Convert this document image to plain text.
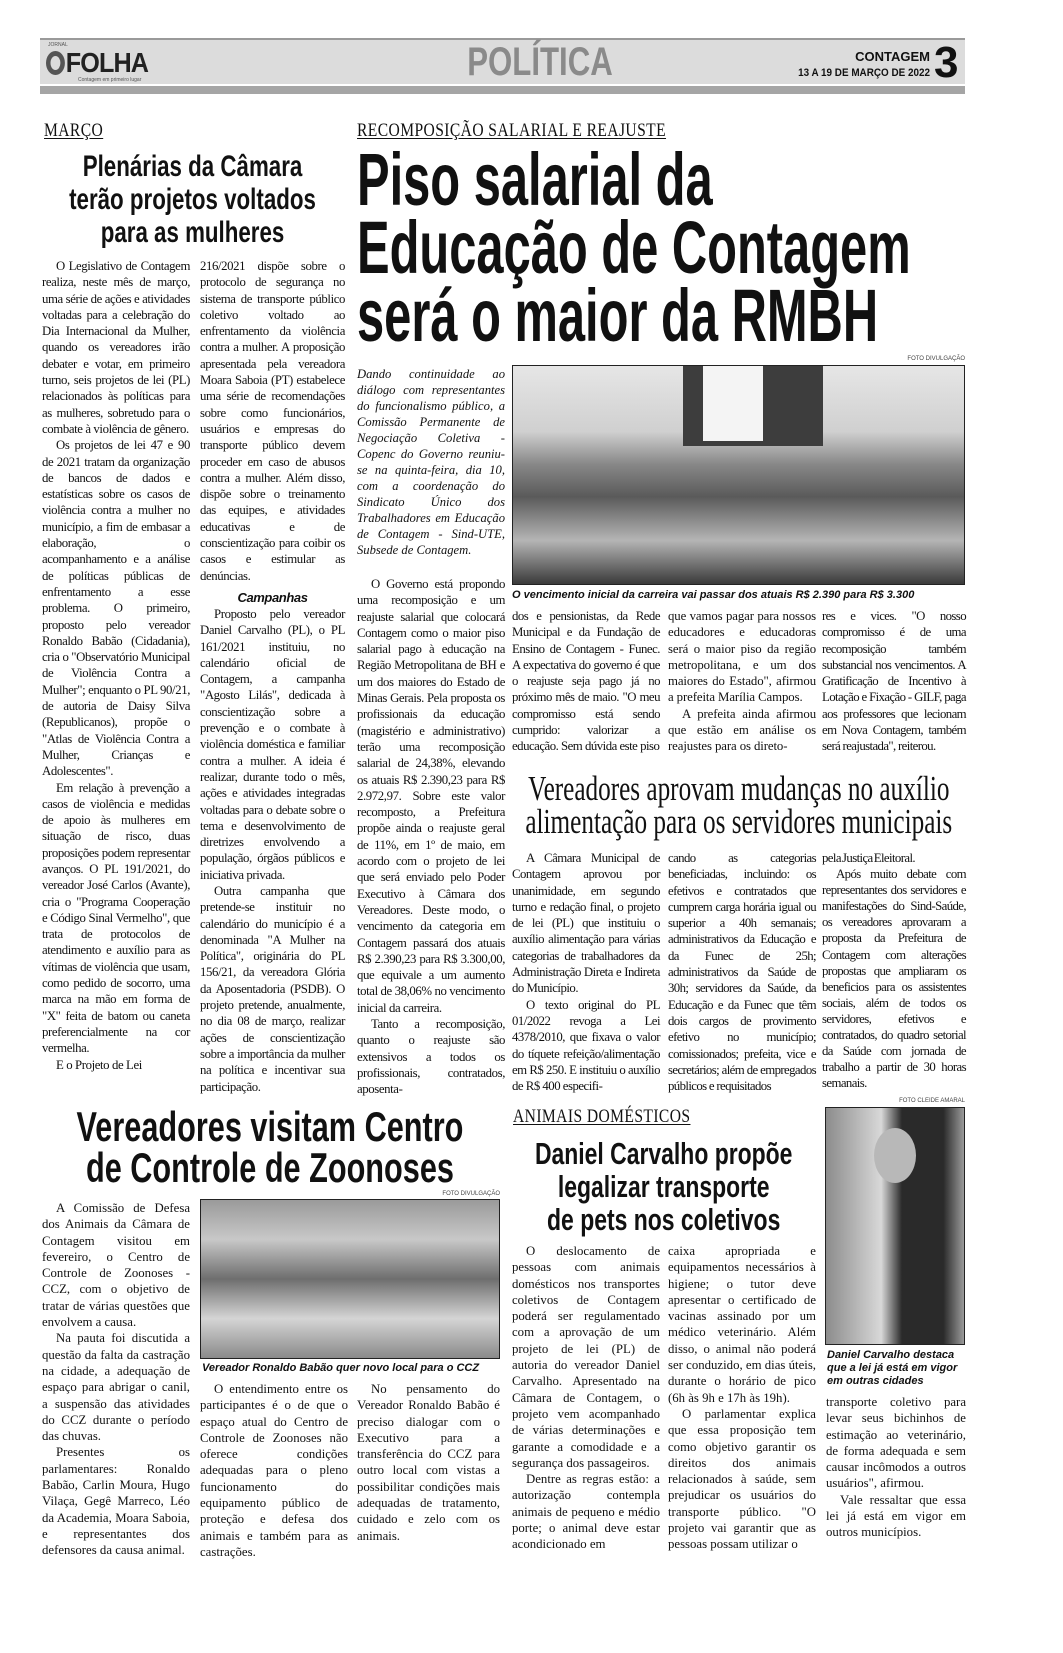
JORNAL
FOLHA
Contagem em primeiro lugar	POLÍTICA	CONTAGEM
13 A 19 DE MARÇO DE 2022 3
MARÇO
Plenárias da Câmara
terão projetos voltados
para as mulheres

O Legislativo de Contagem realiza, neste mês de março, uma série de ações e atividades voltadas para a celebração do Dia Internacional da Mulher, quando os vereadores irão debater e votar, em primeiro turno, seis projetos de lei (PL) relacionados às políticas para as mulheres, sobretudo para o combate à violência de gênero.

Os projetos de lei 47 e 90 de 2021 tratam da organização de bancos de dados e estatísticas sobre os casos de violência contra a mulher no município, a fim de embasar a elaboração, o acompanhamento e a análise de políticas públicas de enfrentamento a esse problema. O primeiro, proposto pelo vereador Ronaldo Babão (Cidadania), cria o "Observatório Municipal de Violência Contra a Mulher"; enquanto o PL 90/21, de autoria de Daisy Silva (Republicanos), propõe o "Atlas de Violência Contra a Mulher, Crianças e Adolescentes".

Em relação à prevenção a casos de violência e medidas de apoio às mulheres em situação de risco, duas proposições podem representar avanços. O PL 191/2021, do vereador José Carlos (Avante), cria o "Programa Cooperação e Código Sinal Vermelho", que trata de protocolos de atendimento e auxílio para as vítimas de violência que usam, como pedido de socorro, uma marca na mão em forma de "X" feita de batom ou caneta preferencialmente na cor vermelha.

E o Projeto de Lei

216/2021 dispõe sobre o protocolo de segurança no sistema de transporte público coletivo voltado ao enfrentamento da violência contra a mulher. A proposição apresentada pela vereadora Moara Saboia (PT) estabelece uma série de recomendações sobre como funcionários, usuários e empresas do transporte público devem proceder em caso de abusos contra a mulher. Além disso, dispõe sobre o treinamento das equipes, e atividades educativas e de conscientização para coibir os casos e estimular as denúncias.

Campanhas

Proposto pelo vereador Daniel Carvalho (PL), o PL 161/2021 instituiu, no calendário oficial de Contagem, a campanha "Agosto Lilás", dedicada à conscientização sobre a prevenção e o combate à violência doméstica e familiar contra a mulher. A ideia é realizar, durante todo o mês, ações e atividades integradas voltadas para o debate sobre o tema e desenvolvimento de diretrizes envolvendo a população, órgãos públicos e iniciativa privada.

Outra campanha que pretende-se instituir no calendário do município é a denominada "A Mulher na Política", originária do PL 156/21, da vereadora Glória da Aposentadoria (PSDB). O projeto pretende, anualmente, no dia 08 de março, realizar ações de conscientização sobre a importância da mulher na política e incentivar sua participação.

RECOMPOSIÇÃO SALARIAL E REAJUSTE
Piso salarial da
Educação de Contagem
será o maior da RMBH
FOTO DIVULGAÇÃO
Dando continuidade ao diálogo com representantes do funcionalismo público, a Comissão Permanente de Negociação Coletiva - Copenc do Governo reuniu-se na quinta-feira, dia 10, com a coordenação do Sindicato Único dos Trabalhadores em Educação de Contagem - Sind-UTE, Subsede de Contagem.
O vencimento inicial da carreira vai passar dos atuais R$ 2.390 para R$ 3.300

O Governo está propondo uma recomposição e um reajuste salarial que colocará Contagem como o maior piso salarial pago à educação na Região Metropolitana de BH e um dos maiores do Estado de Minas Gerais. Pela proposta os profissionais da educação (magistério e administrativo) terão uma recomposição salarial de 24,38%, elevando os atuais R$ 2.390,23 para R$ 2.972,97. Sobre este valor recomposto, a Prefeitura propõe ainda o reajuste geral de 11%, em 1º de maio, em acordo com o projeto de lei que será enviado pelo Poder Executivo à Câmara dos Vereadores. Deste modo, o vencimento da categoria em Contagem passará dos atuais R$ 2.390,23 para R$ 3.300,00, que equivale a um aumento total de 38,06% no vencimento inicial da carreira.

Tanto a recomposição, quanto o reajuste são extensivos a todos os profissionais, contratados, aposenta-

dos e pensionistas, da Rede Municipal e da Fundação de Ensino de Contagem - Funec. A expectativa do governo é que o reajuste seja pago já no próximo mês de maio. "O meu compromisso está sendo cumprido: valorizar a educação. Sem dúvida este piso

que vamos pagar para nossos educadores e educadoras será o maior piso da região metropolitana, e um dos maiores do Estado", afirmou a prefeita Marília Campos.

A prefeita ainda afirmou que estão em análise os reajustes para os direto-

res e vices. "O nosso compromisso é de uma recomposição também substancial nos vencimentos. A Gratificação de Incentivo à Lotação e Fixação - GILF, paga aos professores que lecionam em Nova Contagem, também será reajustada", reiterou.

Vereadores aprovam mudanças no auxílio
alimentação para os servidores municipais

A Câmara Municipal de Contagem aprovou por unanimidade, em segundo turno e redação final, o projeto de lei (PL) que instituiu o auxílio alimentação para várias categorias de trabalhadores da Administração Direta e Indireta do Município.

O texto original do PL 01/2022 revoga a Lei 4378/2010, que fixava o valor do tíquete refeição/alimentação em R$ 250. E instituiu o auxílio de R$ 400 especifi-

cando as categorias beneficiadas, incluindo: os efetivos e contratados que cumprem carga horária igual ou superior a 40h semanais; administrativos da Educação e da Funec de 25h; administrativos da Saúde de 30h; servidores da Saúde, da Educação e da Funec que têm dois cargos de provimento efetivo no município; comissionados; prefeita, vice e secretários; além de empregados públicos e requisitados

pela Justiça Eleitoral.

Após muito debate com representantes dos servidores e manifestações do Sind-Saúde, os vereadores aprovaram a proposta da Prefeitura de Contagem com alterações propostas que ampliaram os beneficios para os assistentes sociais, além de todos os servidores, efetivos e contratados, do quadro setorial da Saúde com jornada de trabalho a partir de 30 horas semanais.

Vereadores visitam Centro
de Controle de Zoonoses
FOTO DIVULGAÇÃO

A Comissão de Defesa dos Animais da Câmara de Contagem visitou em fevereiro, o Centro de Controle de Zoonoses - CCZ, com o objetivo de tratar de várias questões que envolvem a causa.

Na pauta foi discutida a questão da falta da castração na cidade, a adequação de espaço para abrigar o canil, a suspensão das atividades do CCZ durante o período das chuvas.

Presentes os parlamentares: Ronaldo Babão, Carlin Moura, Hugo Vilaça, Gegê Marreco, Léo da Academia, Moara Saboia, e representantes dos defensores da causa animal.

Vereador Ronaldo Babão quer novo local para o CCZ

O entendimento entre os participantes é o de que o espaço atual do Centro de Controle de Zoonoses não oferece condições adequadas para o pleno funcionamento do equipamento público de proteção e defesa dos animais e também para as castrações.

No pensamento do Vereador Ronaldo Babão é preciso dialogar com o Executivo para a transferência do CCZ para outro local com vistas a possibilitar condições mais adequadas de tratamento, cuidado e zelo com os animais.

ANIMAIS DOMÉSTICOS
Daniel Carvalho propõe
legalizar transporte
de pets nos coletivos

O deslocamento de pessoas com animais domésticos nos transportes coletivos de Contagem poderá ser regulamentado com a aprovação de um projeto de lei (PL) de autoria do vereador Daniel Carvalho. Apresentado na Câmara de Contagem, o projeto vem acompanhado de várias determinações e garante a comodidade e a segurança dos passageiros.

Dentre as regras estão: a autorização contempla animais de pequeno e médio porte; o animal deve estar acondicionado em

caixa apropriada e equipamentos necessários à higiene; o tutor deve apresentar o certificado de vacinas assinado por um médico veterinário. Além disso, o animal não poderá ser conduzido, em dias úteis, durante o horário de pico (6h às 9h e 17h às 19h).

O parlamentar explica que essa proposição tem como objetivo garantir os direitos dos animais relacionados à saúde, sem prejudicar os usuários do transporte público. "O projeto vai garantir que as pessoas possam utilizar o

FOTO CLEIDE AMARAL
Daniel Carvalho destaca que a lei já está em vigor em outras cidades

transporte coletivo para levar seus bichinhos de estimação ao veterinário, de forma adequada e sem causar incômodos a outros usuários", afirmou.

Vale ressaltar que essa lei já está em vigor em outros municípios.
